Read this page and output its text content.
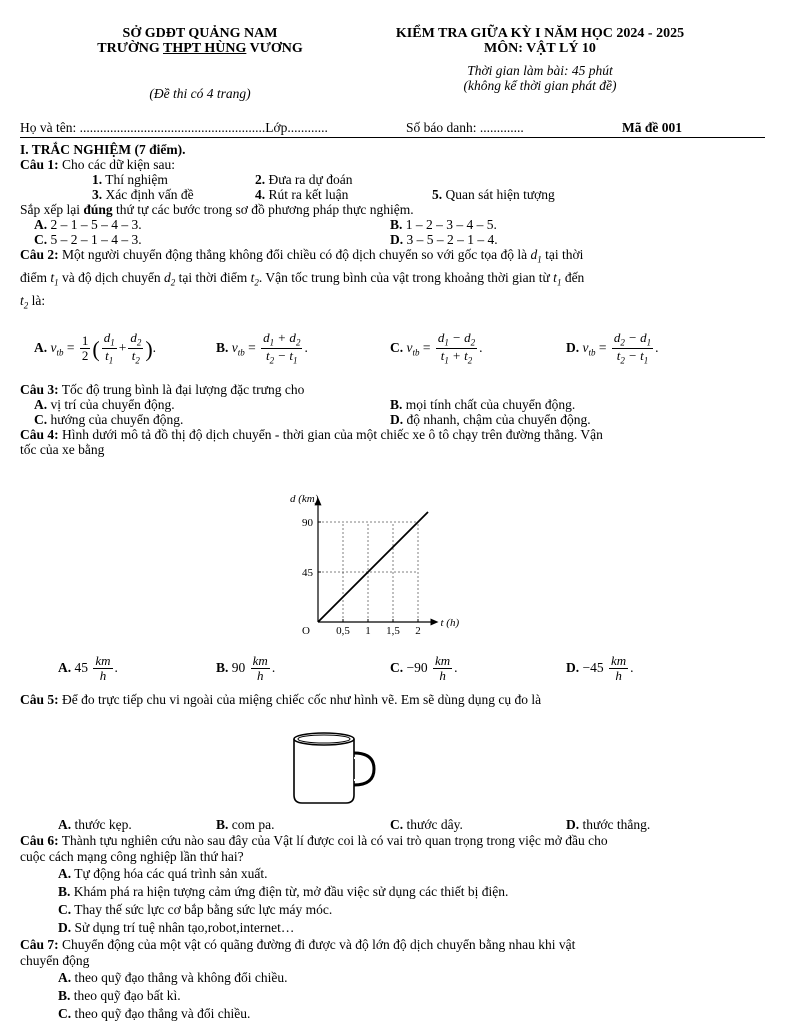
SỞ GDĐT QUẢNG NAM
TRƯỜNG THPT HÙNG VƯƠNG
(Đề thi có 4 trang)
KIỂM TRA GIỮA KỲ I NĂM HỌC 2024 - 2025
MÔN: VẬT LÝ 10
Thời gian làm bài: 45 phút
(không kể thời gian phát đề)
Họ và tên: .......................................................Lớp............	Số báo danh: .............	Mã đề 001
I. TRẮC NGHIỆM (7 điểm).
Câu 1: Cho các dữ kiện sau:
1. Thí nghiệm	2. Đưa ra dự đoán
3. Xác định vấn đề	4. Rút ra kết luận	5. Quan sát hiện tượng
Sắp xếp lại đúng thứ tự các bước trong sơ đồ phương pháp thực nghiệm.
A. 2 – 1 – 5 – 4 – 3.	B. 1 – 2 – 3 – 4 – 5.
C. 5 – 2 – 1 – 4 – 3.	D. 3 – 5 – 2 – 1 – 4.
Câu 2: Một người chuyển động thẳng không đổi chiều có độ dịch chuyển so với gốc tọa độ là $d_1$ tại thời
điểm $t_1$ và độ dịch chuyển $d_2$ tại thời điểm $t_2$. Vận tốc trung bình của vật trong khoảng thời gian từ $t_1$ đến
$t_2$ là:
A. $v_{tb} = \frac{1}{2}$ ( $\frac{d_1}{t_1} + \frac{d_2}{t_2}$ ).	B. $v_{tb} = \frac{d_1 + d_2}{t_2 - t_1}$ .	C. $v_{tb} = \frac{d_1 - d_2}{t_1 + t_2}$ .	D. $v_{tb} = \frac{d_2 - d_1}{t_2 - t_1}$ .
Câu 3: Tốc độ trung bình là đại lượng đặc trưng cho
A. vị trí của chuyển động.	B. mọi tính chất của chuyển động.
C. hướng của chuyển động.	D. độ nhanh, chậm của chuyển động.
Câu 4: Hình dưới mô tả đồ thị độ dịch chuyển - thời gian của một chiếc xe ô tô chạy trên đường thẳng. Vận
tốc của xe bằng
0,5 1 1,5 2
45
90
O
d (km)
t (h)
A. $45 \frac{km}{h}$ .	B. $90 \frac{km}{h}$ .	C. $-90 \frac{km}{h}$ .	D. $-45 \frac{km}{h}$ .
Câu 5: Để đo trực tiếp chu vi ngoài của miệng chiếc cốc như hình vẽ. Em sẽ dùng dụng cụ đo là
A. thước kẹp.	B. com pa.	C. thước dây.	D. thước thẳng.
Câu 6: Thành tựu nghiên cứu nào sau đây của Vật lí được coi là có vai trò quan trọng trong việc mở đầu cho
cuộc cách mạng công nghiệp lần thứ hai?
A. Tự động hóa các quá trình sản xuất.
B. Khám phá ra hiện tượng cảm ứng điện từ, mở đầu việc sử dụng các thiết bị điện.
C. Thay thế sức lực cơ bắp bằng sức lực máy móc.
D. Sử dụng trí tuệ nhân tạo,robot,internet…
Câu 7: Chuyển động của một vật có quãng đường đi được và độ lớn độ dịch chuyển bằng nhau khi vật
chuyển động
A. theo quỹ đạo thẳng và không đổi chiều.
B. theo quỹ đạo bất kì.
C. theo quỹ đạo thẳng và đổi chiều.
